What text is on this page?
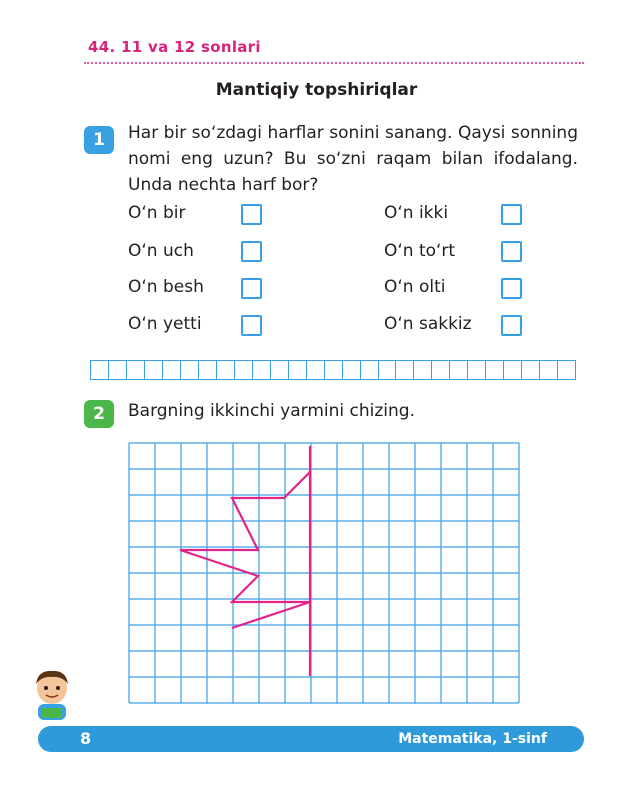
44. 11 va 12 sonlari
Mantiqiy topshiriqlar
1	Har bir so‘zdagi harflar sonini sanang. Qaysi sonning nomi eng uzun? Bu so‘zni raqam bilan ifodalang. Unda nechta harf bor?
O‘n bir	O‘n ikki
O‘n uch	O‘n to‘rt
O‘n besh	O‘n olti
O‘n yetti	O‘n sakkiz
2	Bargning ikkinchi yarmini chizing.
8	Matematika, 1-sinf
